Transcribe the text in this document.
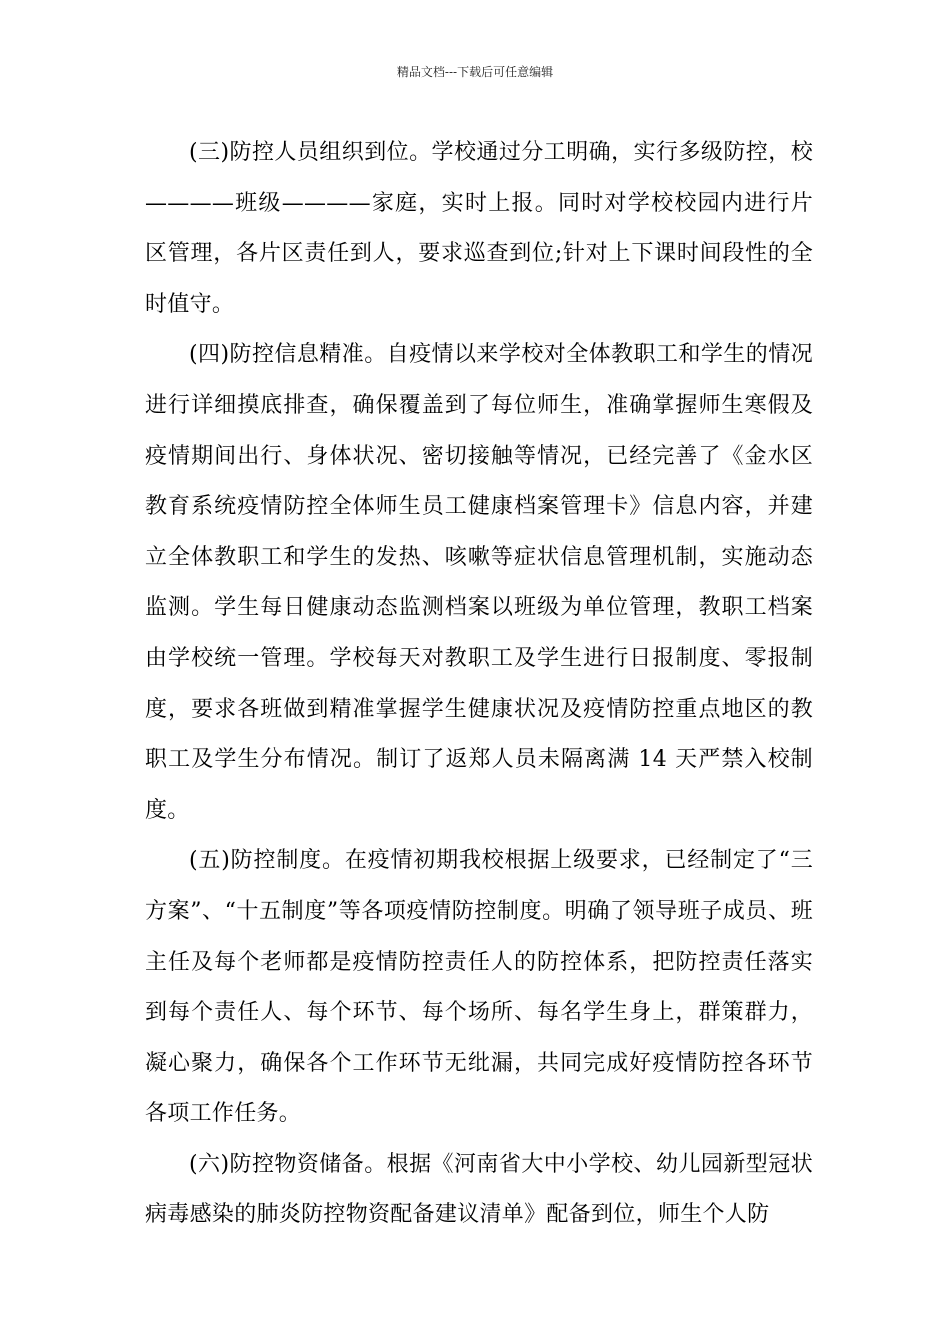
精品文档---下载后可任意编辑

(三)防控人员组织到位。学校通过分工明确，实行多级防控，校————班级————家庭，实时上报。同时对学校校园内进行片区管理，各片区责任到人，要求巡查到位;针对上下课时间段性的全时值守。

(四)防控信息精准。自疫情以来学校对全体教职工和学生的情况进行详细摸底排查，确保覆盖到了每位师生，准确掌握师生寒假及疫情期间出行、身体状况、密切接触等情况，已经完善了《金水区教育系统疫情防控全体师生员工健康档案管理卡》信息内容，并建立全体教职工和学生的发热、咳嗽等症状信息管理机制，实施动态监测。学生每日健康动态监测档案以班级为单位管理，教职工档案由学校统一管理。学校每天对教职工及学生进行日报制度、零报制度，要求各班做到精准掌握学生健康状况及疫情防控重点地区的教职工及学生分布情况。制订了返郑人员未隔离满 14 天严禁入校制度。

(五)防控制度。在疫情初期我校根据上级要求，已经制定了“三方案”、“十五制度”等各项疫情防控制度。明确了领导班子成员、班主任及每个老师都是疫情防控责任人的防控体系，把防控责任落实到每个责任人、每个环节、每个场所、每名学生身上，群策群力，凝心聚力，确保各个工作环节无纰漏，共同完成好疫情防控各环节各项工作任务。

(六)防控物资储备。根据《河南省大中小学校、幼儿园新型冠状病毒感染的肺炎防控物资配备建议清单》配备到位，师生个人防
